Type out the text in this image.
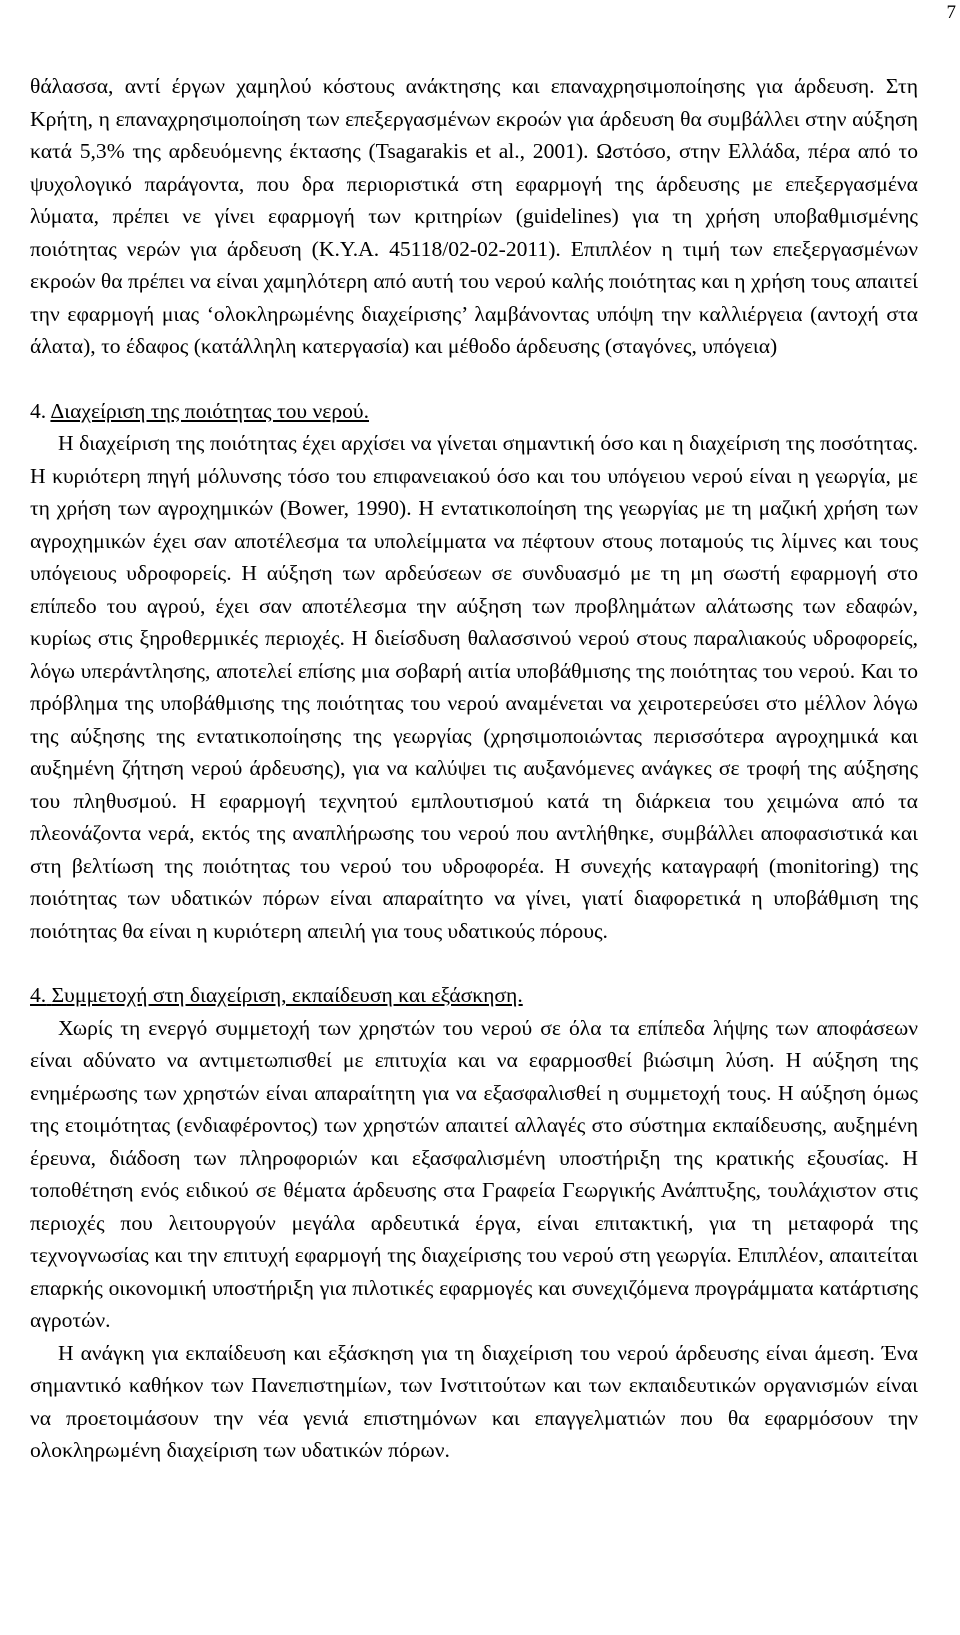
7

θάλασσα, αντί έργων χαμηλού κόστους ανάκτησης και επαναχρησιμοποίησης για άρδευση. Στη Κρήτη, η επαναχρησιμοποίηση των επεξεργασμένων εκροών για άρδευση θα συμβάλλει στην αύξηση κατά 5,3% της αρδευόμενης έκτασης (Tsagarakis et al., 2001). Ωστόσο, στην Ελλάδα, πέρα από το ψυχολογικό παράγοντα, που δρα περιοριστικά στη εφαρμογή της άρδευσης με επεξεργασμένα λύματα, πρέπει νε γίνει εφαρμογή των κριτηρίων (guidelines) για τη χρήση υποβαθμισμένης ποιότητας νερών για άρδευση (Κ.Υ.Α. 45118/02-02-2011). Επιπλέον η τιμή των επεξεργασμένων εκροών θα πρέπει να είναι χαμηλότερη από αυτή του νερού καλής ποιότητας και η χρήση τους απαιτεί την εφαρμογή μιας ‘ολοκληρωμένης διαχείρισης’ λαμβάνοντας υπόψη την καλλιέργεια (αντοχή στα άλατα), το έδαφος (κατάλληλη κατεργασία) και μέθοδο άρδευσης (σταγόνες, υπόγεια)

4. Διαχείριση της ποιότητας του νερού.

Η διαχείριση της ποιότητας έχει αρχίσει να γίνεται σημαντική όσο και η διαχείριση της ποσότητας. Η κυριότερη πηγή μόλυνσης τόσο του επιφανειακού όσο και του υπόγειου νερού είναι η γεωργία, με τη χρήση των αγροχημικών (Bower, 1990). Η εντατικοποίηση της γεωργίας με τη μαζική χρήση των αγροχημικών έχει σαν αποτέλεσμα τα υπολείμματα να πέφτουν στους ποταμούς τις λίμνες και τους υπόγειους υδροφορείς. Η αύξηση των αρδεύσεων σε συνδυασμό με τη μη σωστή εφαρμογή στο επίπεδο του αγρού, έχει σαν αποτέλεσμα την αύξηση των προβλημάτων αλάτωσης των εδαφών, κυρίως στις ξηροθερμικές περιοχές. Η διείσδυση θαλασσινού νερού στους παραλιακούς υδροφορείς, λόγω υπεράντλησης, αποτελεί επίσης μια σοβαρή αιτία υποβάθμισης της ποιότητας του νερού. Και το πρόβλημα της υποβάθμισης της ποιότητας του νερού αναμένεται να χειροτερεύσει στο μέλλον λόγω της αύξησης της εντατικοποίησης της γεωργίας (χρησιμοποιώντας περισσότερα αγροχημικά και αυξημένη ζήτηση νερού άρδευσης), για να καλύψει τις αυξανόμενες ανάγκες σε τροφή της αύξησης του πληθυσμού. Η εφαρμογή τεχνητού εμπλουτισμού κατά τη διάρκεια του χειμώνα από τα πλεονάζοντα νερά, εκτός της αναπλήρωσης του νερού που αντλήθηκε, συμβάλλει αποφασιστικά και στη βελτίωση της ποιότητας του νερού του υδροφορέα. Η συνεχής καταγραφή (monitoring) της ποιότητας των υδατικών πόρων είναι απαραίτητο να γίνει, γιατί διαφορετικά η υποβάθμιση της ποιότητας θα είναι η κυριότερη απειλή για τους υδατικούς πόρους.

4. Συμμετοχή στη διαχείριση, εκπαίδευση και εξάσκηση.

Χωρίς τη ενεργό συμμετοχή των χρηστών του νερού σε όλα τα επίπεδα λήψης των αποφάσεων είναι αδύνατο να αντιμετωπισθεί με επιτυχία και να εφαρμοσθεί βιώσιμη λύση. Η αύξηση της ενημέρωσης των χρηστών είναι απαραίτητη για να εξασφαλισθεί η συμμετοχή τους. Η αύξηση όμως της ετοιμότητας (ενδιαφέροντος) των χρηστών απαιτεί αλλαγές στο σύστημα εκπαίδευσης, αυξημένη έρευνα, διάδοση των πληροφοριών και εξασφαλισμένη υποστήριξη της κρατικής εξουσίας. Η τοποθέτηση ενός ειδικού σε θέματα άρδευσης στα Γραφεία Γεωργικής Ανάπτυξης, τουλάχιστον στις περιοχές που λειτουργούν μεγάλα αρδευτικά έργα, είναι επιτακτική, για τη μεταφορά της τεχνογνωσίας και την επιτυχή εφαρμογή της διαχείρισης του νερού στη γεωργία. Επιπλέον, απαιτείται επαρκής οικονομική υποστήριξη για πιλοτικές εφαρμογές και συνεχιζόμενα προγράμματα κατάρτισης αγροτών.

Η ανάγκη για εκπαίδευση και εξάσκηση για τη διαχείριση του νερού άρδευσης είναι άμεση. Ένα σημαντικό καθήκον των Πανεπιστημίων, των Ινστιτούτων και των εκπαιδευτικών οργανισμών είναι να προετοιμάσουν την νέα γενιά επιστημόνων και επαγγελματιών που θα εφαρμόσουν την ολοκληρωμένη διαχείριση των υδατικών πόρων.
